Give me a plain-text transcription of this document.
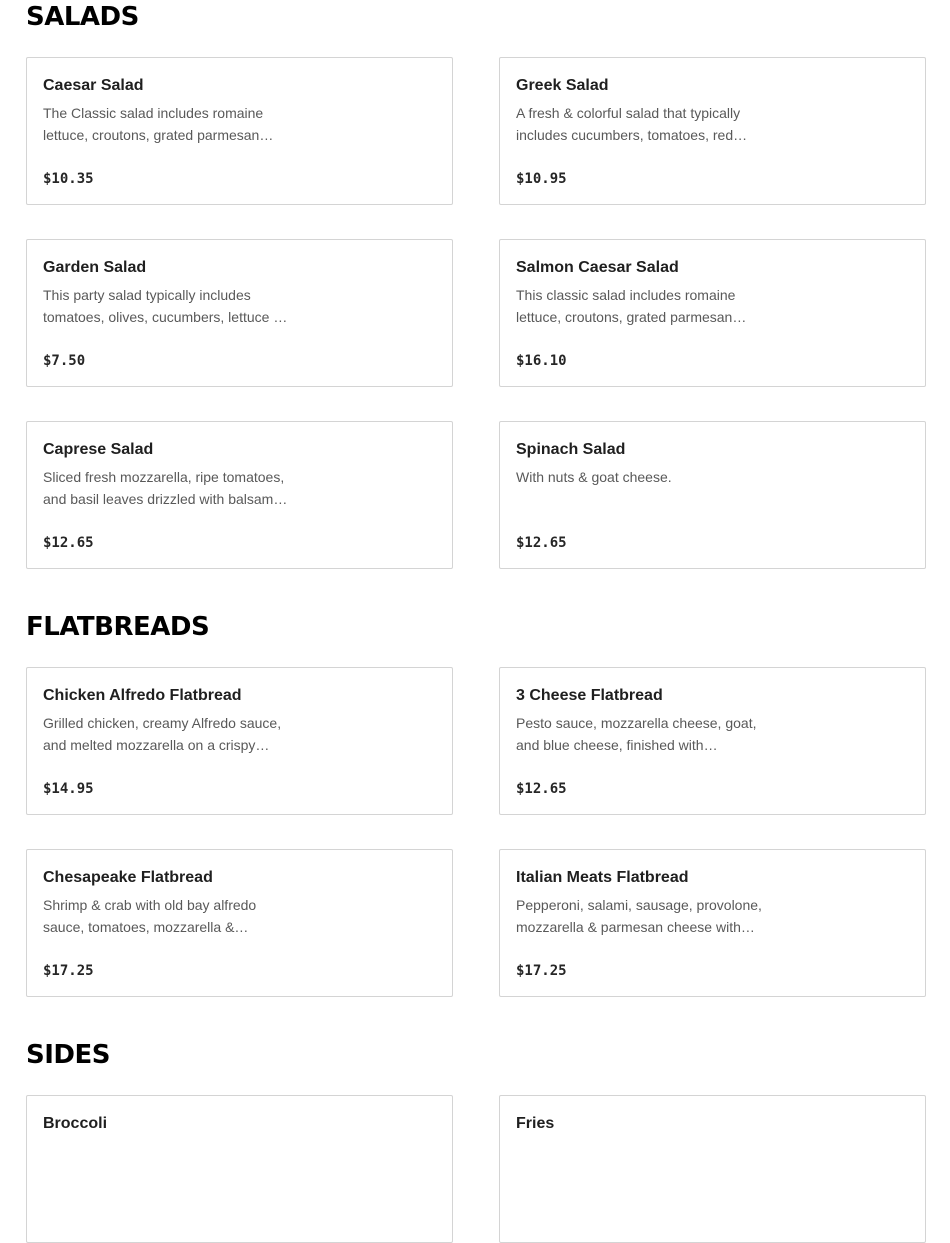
SALADS
Caesar Salad
The Classic salad includes romaine lettuce, croutons, grated parmesan…
$10.35
Greek Salad
A fresh & colorful salad that typically includes cucumbers, tomatoes, red…
$10.95
Garden Salad
This party salad typically includes tomatoes, olives, cucumbers, lettuce …
$7.50
Salmon Caesar Salad
This classic salad includes romaine lettuce, croutons, grated parmesan…
$16.10
Caprese Salad
Sliced fresh mozzarella, ripe tomatoes, and basil leaves drizzled with balsam…
$12.65
Spinach Salad
With nuts & goat cheese.
$12.65
FLATBREADS
Chicken Alfredo Flatbread
Grilled chicken, creamy Alfredo sauce, and melted mozzarella on a crispy…
$14.95
3 Cheese Flatbread
Pesto sauce, mozzarella cheese, goat, and blue cheese, finished with…
$12.65
Chesapeake Flatbread
Shrimp & crab with old bay alfredo sauce, tomatoes, mozzarella &…
$17.25
Italian Meats Flatbread
Pepperoni, salami, sausage, provolone, mozzarella & parmesan cheese with…
$17.25
SIDES
Broccoli	Fries
